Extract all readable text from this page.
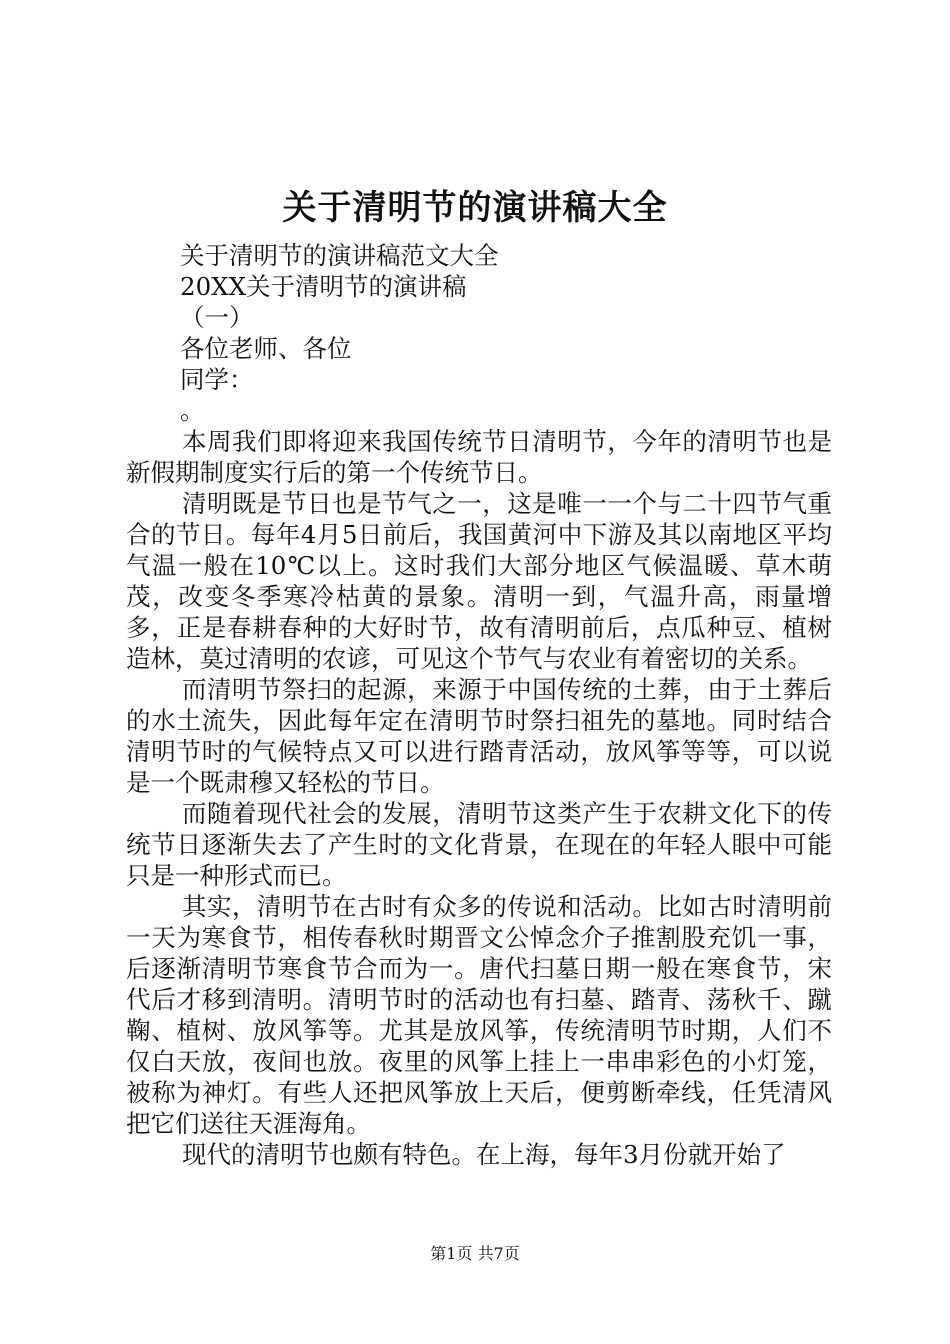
关于清明节的演讲稿大全
关于清明节的演讲稿范文大全
20XX关于清明节的演讲稿
（一）
各位老师、各位
同学：
。

本周我们即将迎来我国传统节日清明节，今年的清明节也是新假期制度实行后的第一个传统节日。

清明既是节日也是节气之一，这是唯一一个与二十四节气重合的节日。每年4月5日前后，我国黄河中下游及其以南地区平均气温一般在10℃以上。这时我们大部分地区气候温暖、草木萌茂，改变冬季寒冷枯黄的景象。清明一到，气温升高，雨量增多，正是春耕春种的大好时节，故有清明前后，点瓜种豆、植树造林，莫过清明的农谚，可见这个节气与农业有着密切的关系。

而清明节祭扫的起源，来源于中国传统的土葬，由于土葬后的水土流失，因此每年定在清明节时祭扫祖先的墓地。同时结合清明节时的气候特点又可以进行踏青活动，放风筝等等，可以说是一个既肃穆又轻松的节日。

而随着现代社会的发展，清明节这类产生于农耕文化下的传统节日逐渐失去了产生时的文化背景，在现在的年轻人眼中可能只是一种形式而已。

其实，清明节在古时有众多的传说和活动。比如古时清明前一天为寒食节，相传春秋时期晋文公悼念介子推割股充饥一事，后逐渐清明节寒食节合而为一。唐代扫墓日期一般在寒食节，宋代后才移到清明。清明节时的活动也有扫墓、踏青、荡秋千、蹴鞠、植树、放风筝等。尤其是放风筝，传统清明节时期，人们不仅白天放，夜间也放。夜里的风筝上挂上一串串彩色的小灯笼，被称为神灯。有些人还把风筝放上天后，便剪断牵线，任凭清风把它们送往天涯海角。

现代的清明节也颇有特色。在上海，每年3月份就开始了

第1页 共7页
